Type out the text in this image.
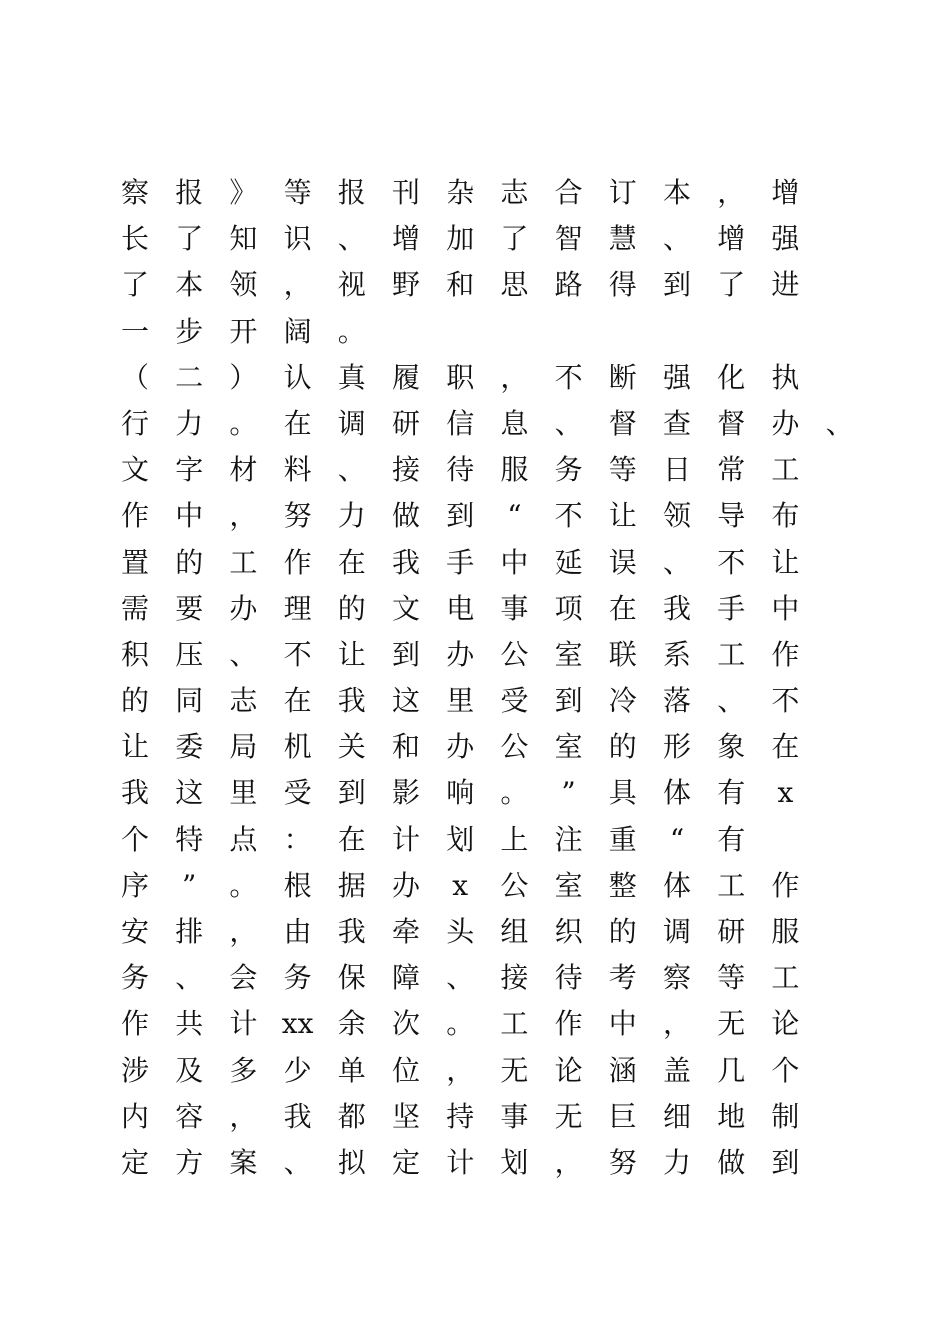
察 报 》 等 报 刊 杂 志 合 订 本 ， 增
长 了 知 识 、 增 加 了 智 慧 、 增 强
了 本 领 ， 视 野 和 思 路 得 到 了 进
一 步 开 阔 。
（ 二 ） 认 真 履 职 ， 不 断 强 化 执
行 力 。 在 调 研 信 息 、 督 查 督 办 、
文 字 材 料 、 接 待 服 务 等 日 常 工
作 中 ， 努 力 做 到 “ 不 让 领 导 布
置 的 工 作 在 我 手 中 延 误 、 不 让
需 要 办 理 的 文 电 事 项 在 我 手 中
积 压 、 不 让 到 办 公 室 联 系 工 作
的 同 志 在 我 这 里 受 到 冷 落 、 不
让 委 局 机 关 和 办 公 室 的 形 象 在
我 这 里 受 到 影 响 。 ” 具 体 有 x
个 特 点 ： 在 计 划 上 注 重 “ 有
序 ” 。 根 据 办 x 公 室 整 体 工 作
安 排 ， 由 我 牵 头 组 织 的 调 研 服
务 、 会 务 保 障 、 接 待 考 察 等 工
作 共 计 xx 余 次 。 工 作 中 ， 无 论
涉 及 多 少 单 位 ， 无 论 涵 盖 几 个
内 容 ， 我 都 坚 持 事 无 巨 细 地 制
定 方 案 、 拟 定 计 划 ， 努 力 做 到
